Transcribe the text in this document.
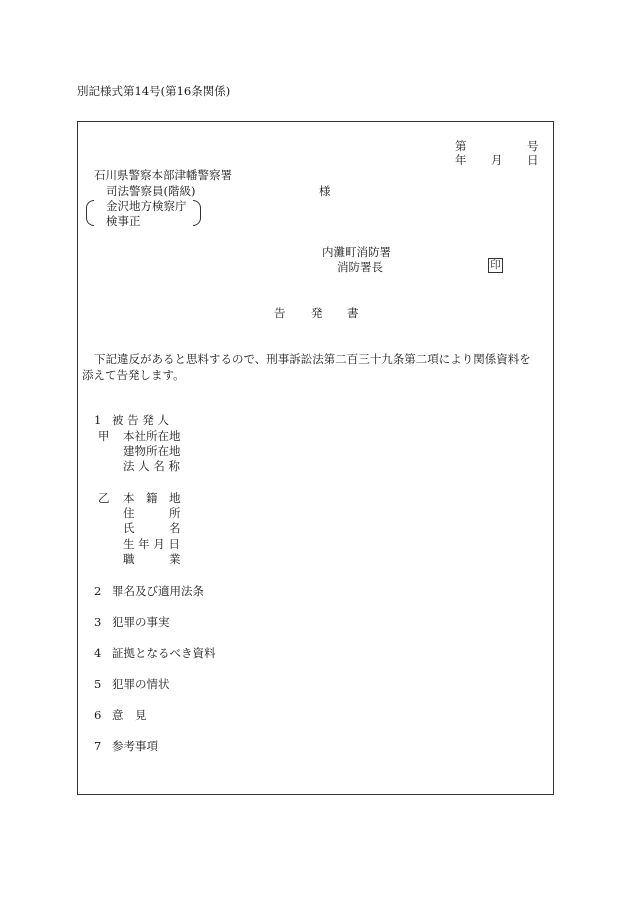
別記様式第14号(第16条関係)
第	号
年 月 日
石川県警察本部津幡警察署
司法警察員(階級)	様
金沢地方検察庁
検事正
内灘町消防署
消防署長	印
告 発 書
下記違反があると思料するので、刑事訴訟法第二百三十九条第二項により関係資料を
添えて告発します。
1 被 告 発 人
甲 本社所在地
建物所在地
法 人 名 称
乙 本　籍　地
住　　　所
氏　　　名
生 年 月 日
職　　　業
2 罪名及び適用法条
3 犯罪の事実
4 証拠となるべき資料
5 犯罪の情状
6 意　見
7 参考事項
